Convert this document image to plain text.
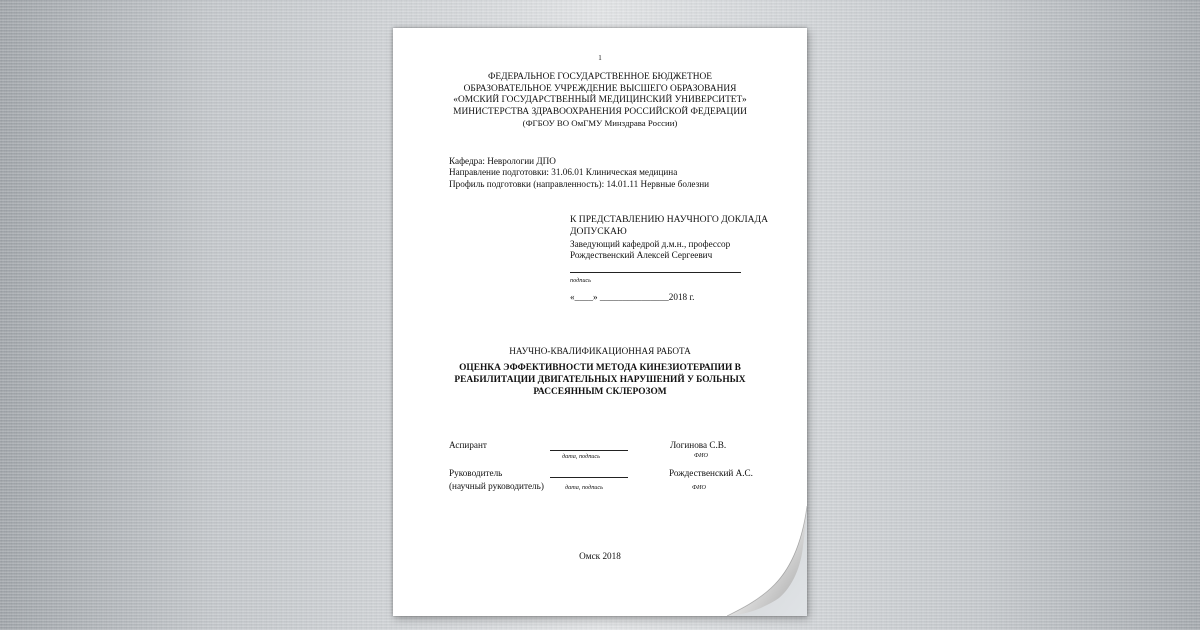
1
ФЕДЕРАЛЬНОЕ ГОСУДАРСТВЕННОЕ БЮДЖЕТНОЕ
ОБРАЗОВАТЕЛЬНОЕ УЧРЕЖДЕНИЕ ВЫСШЕГО ОБРАЗОВАНИЯ
«ОМСКИЙ ГОСУДАРСТВЕННЫЙ МЕДИЦИНСКИЙ УНИВЕРСИТЕТ»
МИНИСТЕРСТВА ЗДРАВООХРАНЕНИЯ РОССИЙСКОЙ ФЕДЕРАЦИИ
(ФГБОУ ВО ОмГМУ Минздрава России)
Кафедра: Неврологии ДПО
Направление подготовки: 31.06.01 Клиническая медицина
Профиль подготовки (направленность): 14.01.11 Нервные болезни
К ПРЕДСТАВЛЕНИЮ НАУЧНОГО ДОКЛАДА
ДОПУСКАЮ
Заведующий кафедрой д.м.н., профессор
Рождественский Алексей Сергеевич
подпись
«____» _______________2018 г.
НАУЧНО-КВАЛИФИКАЦИОННАЯ РАБОТА
ОЦЕНКА ЭФФЕКТИВНОСТИ МЕТОДА КИНЕЗИОТЕРАПИИ В
РЕАБИЛИТАЦИИ ДВИГАТЕЛЬНЫХ НАРУШЕНИЙ У БОЛЬНЫХ
РАССЕЯННЫМ СКЛЕРОЗОМ
Аспирант
дата, подпись
Логинова С.В.
ФИО
Руководитель
(научный руководитель)	дата, подпись
Рождественский А.С.
ФИО
Омск 2018
